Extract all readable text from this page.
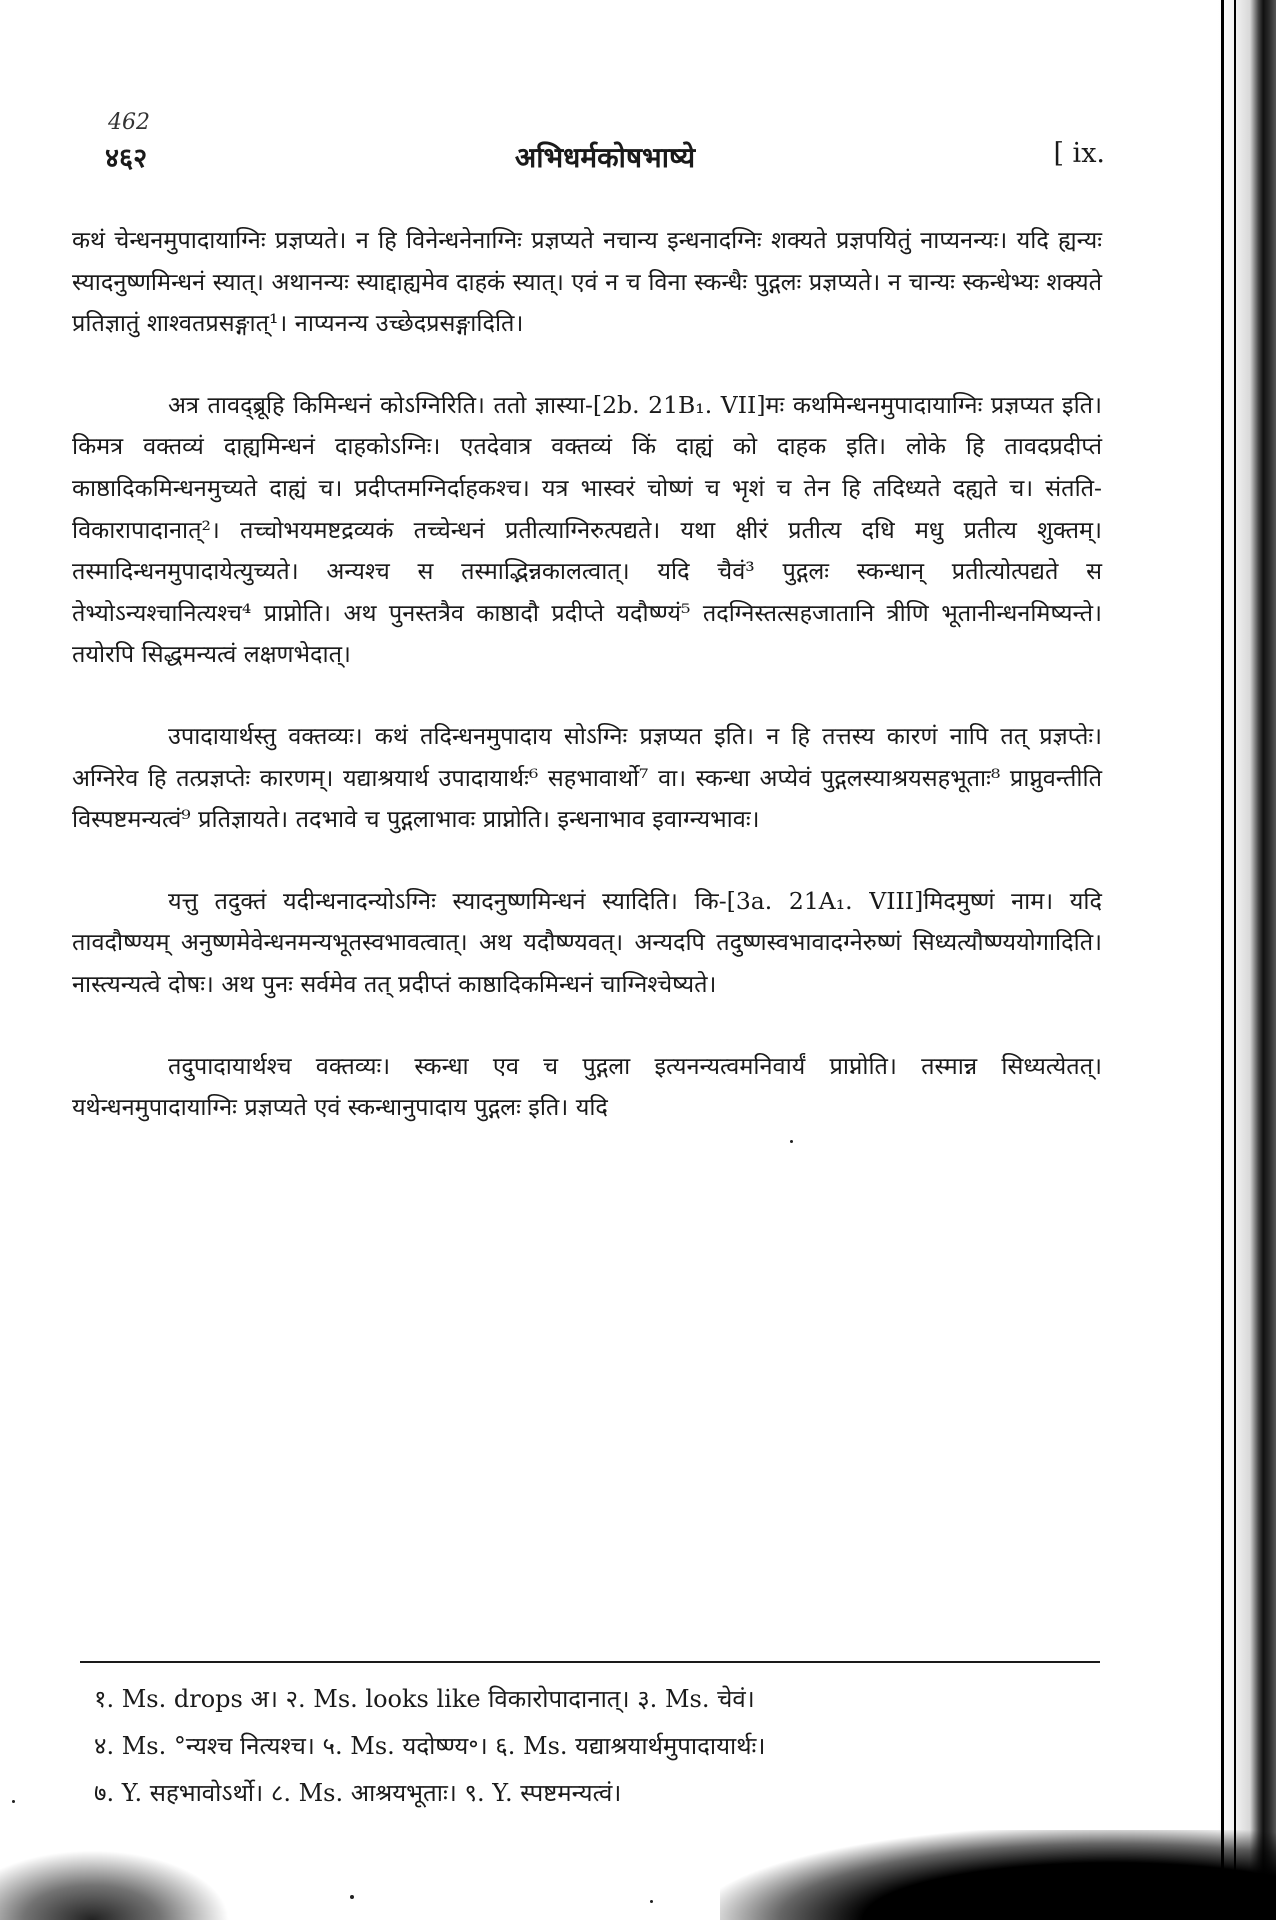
462
४६२	अभिधर्मकोषभाष्ये	[ ix.

कथं चेन्धनमुपादायाग्निः प्रज्ञप्यते। न हि विनेन्धनेनाग्निः प्रज्ञप्यते नचान्य इन्धनादग्निः शक्यते प्रज्ञपयितुं नाप्यनन्यः। यदि ह्यन्यः स्यादनुष्णमिन्धनं स्यात्। अथानन्यः स्याद्दाह्यमेव दाहकं स्यात्। एवं न च विना स्कन्धैः पुद्गलः प्रज्ञप्यते। न चान्यः स्कन्धेभ्यः शक्यते प्रतिज्ञातुं शाश्वतप्रसङ्गात्¹। नाप्यनन्य उच्छेदप्रसङ्गादिति।

अत्र तावद्ब्रूहि किमिन्धनं कोऽग्निरिति। ततो ज्ञास्या-[2b. 21B₁. VII]मः कथमिन्धनमुपादायाग्निः प्रज्ञप्यत इति। किमत्र वक्तव्यं दाह्यमिन्धनं दाहकोऽग्निः। एतदेवात्र वक्तव्यं किं दाह्यं को दाहक इति। लोके हि तावदप्रदीप्तं काष्ठादिकमिन्धनमुच्यते दाह्यं च। प्रदीप्तमग्निर्दाहकश्च। यत्र भास्वरं चोष्णं च भृशं च तेन हि तदिध्यते दह्यते च। संतति-विकारापादानात्²। तच्चोभयमष्टद्रव्यकं तच्चेन्धनं प्रतीत्याग्निरुत्पद्यते। यथा क्षीरं प्रतीत्य दधि मधु प्रतीत्य शुक्तम्। तस्मादिन्धनमुपादायेत्युच्यते। अन्यश्च स तस्माद्भिन्नकालत्वात्। यदि चैवं³ पुद्गलः स्कन्धान् प्रतीत्योत्पद्यते स तेभ्योऽन्यश्चानित्यश्च⁴ प्राप्नोति। अथ पुनस्तत्रैव काष्ठादौ प्रदीप्ते यदौष्ण्यं⁵ तदग्निस्तत्सहजातानि त्रीणि भूतानीन्धनमिष्यन्ते। तयोरपि सिद्धमन्यत्वं लक्षणभेदात्।

उपादायार्थस्तु वक्तव्यः। कथं तदिन्धनमुपादाय सोऽग्निः प्रज्ञप्यत इति। न हि तत्तस्य कारणं नापि तत् प्रज्ञप्तेः। अग्निरेव हि तत्प्रज्ञप्तेः कारणम्। यद्याश्रयार्थ उपादायार्थः⁶ सहभावार्थो⁷ वा। स्कन्धा अप्येवं पुद्गलस्याश्रयसहभूताः⁸ प्राप्नुवन्तीति विस्पष्टमन्यत्वं⁹ प्रतिज्ञायते। तदभावे च पुद्गलाभावः प्राप्नोति। इन्धनाभाव इवाग्न्यभावः।

यत्तु तदुक्तं यदीन्धनादन्योऽग्निः स्यादनुष्णमिन्धनं स्यादिति। कि-[3a. 21A₁. VIII]मिदमुष्णं नाम। यदि तावदौष्ण्यम् अनुष्णमेवेन्धनमन्यभूतस्वभावत्वात्। अथ यदौष्ण्यवत्। अन्यदपि तदुष्णस्वभावादग्नेरुष्णं सिध्यत्यौष्ण्ययोगादिति। नास्त्यन्यत्वे दोषः। अथ पुनः सर्वमेव तत् प्रदीप्तं काष्ठादिकमिन्धनं चाग्निश्चेष्यते।

तदुपादायार्थश्च वक्तव्यः। स्कन्धा एव च पुद्गला इत्यनन्यत्वमनिवार्यं प्राप्नोति। तस्मान्न सिध्यत्येतत्। यथेन्धनमुपादायाग्निः प्रज्ञप्यते एवं स्कन्धानुपादाय पुद्गलः इति। यदि

१. Ms. drops अ। २. Ms. looks like विकारोपादानात्। ३. Ms. चेवं।
४. Ms. °न्यश्च नित्यश्च। ५. Ms. यदोष्ण्य॰। ६. Ms. यद्याश्रयार्थमुपादायार्थः।
७. Y. सहभावोऽर्थो। ८. Ms. आश्रयभूताः। ९. Y. स्पष्टमन्यत्वं।
